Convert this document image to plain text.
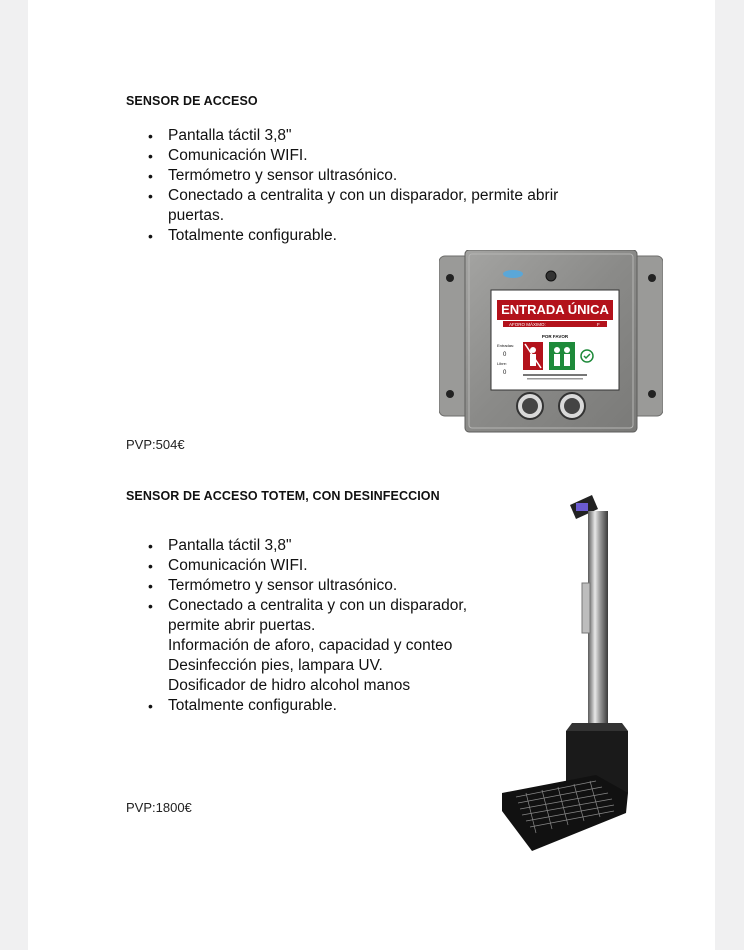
SENSOR DE ACCESO
• Pantalla táctil 3,8"
• Comunicación WIFI.
• Termómetro y sensor ultrasónico.
• Conectado a centralita y con un disparador, permite abrir puertas.
• Totalmente configurable.
ENTRADA ÚNICA
AFORO MÁXIMO:	F
POR FAVOR
Entradas:
0
Libre:
0
PVP:504€
SENSOR DE ACCESO TOTEM, CON DESINFECCION
• Pantalla táctil 3,8"
• Comunicación WIFI.
• Termómetro y sensor ultrasónico.
• Conectado a centralita y con un disparador,
permite abrir puertas.
Información de aforo, capacidad y conteo
Desinfección pies, lampara UV.
Dosificador de hidro alcohol manos
• Totalmente configurable.
PVP:1800€
